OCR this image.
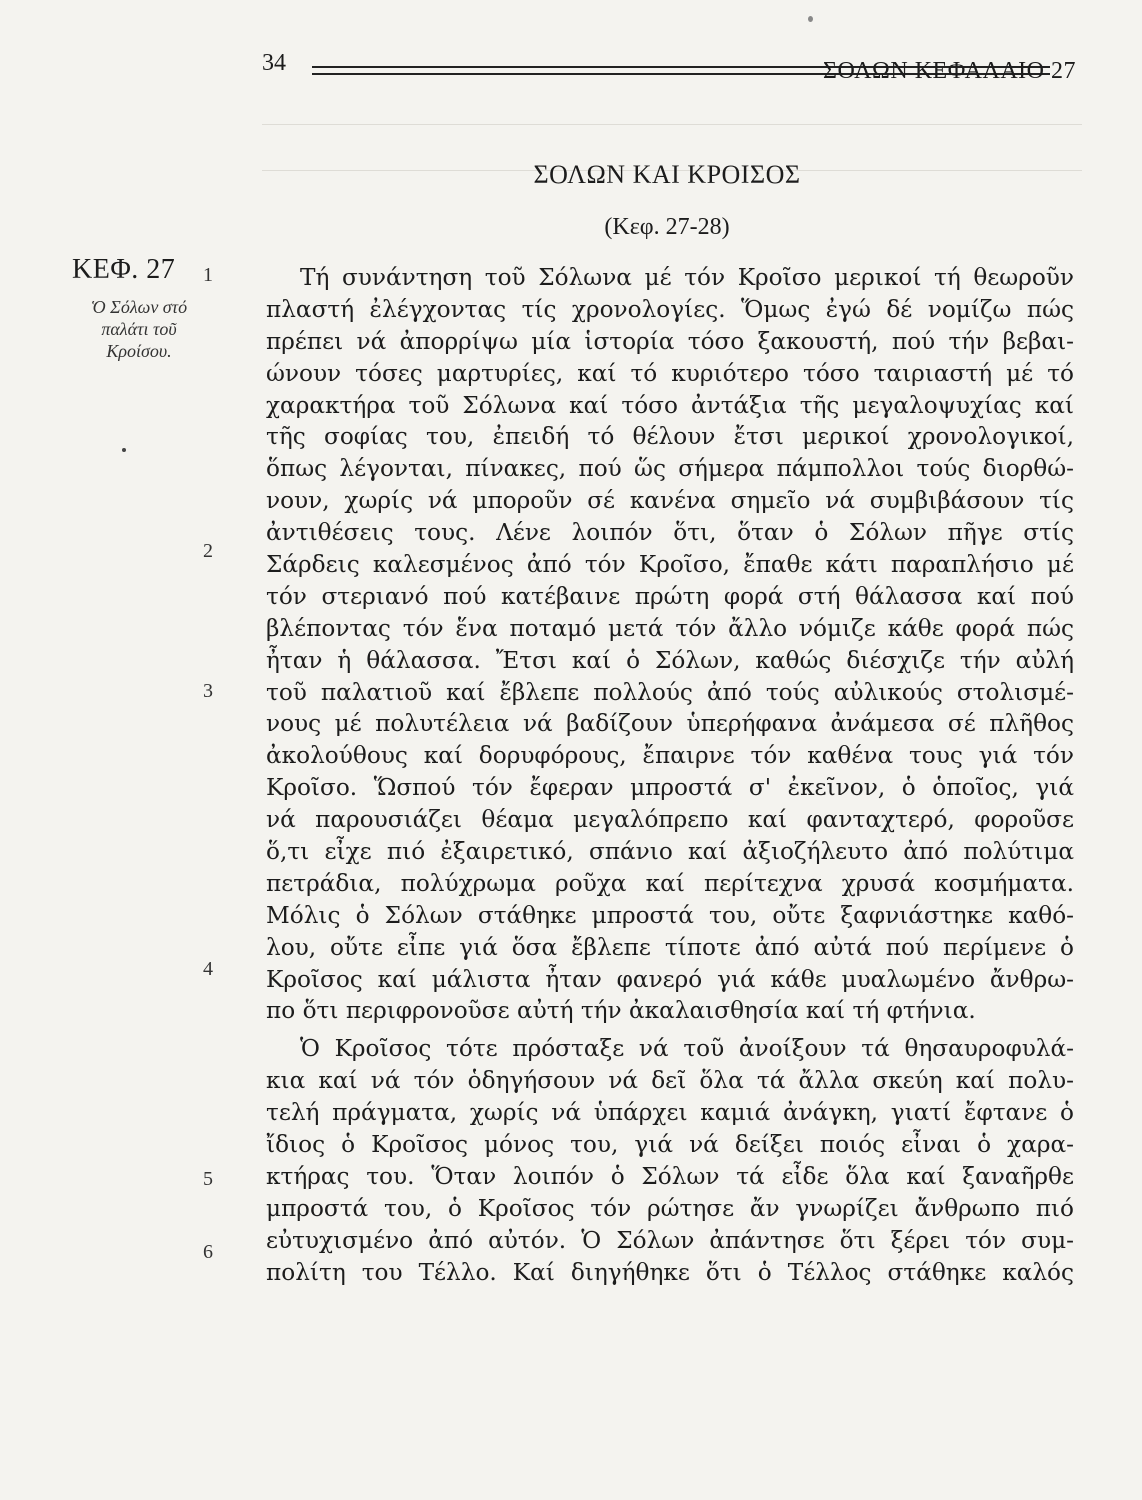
34	ΣΟΛΩΝ ΚΕΦΑΛΑΙΟ 27
ΣΟΛΩΝ ΚΑΙ ΚΡΟΙΣΟΣ
(Κεφ. 27-28)
ΚΕΦ. 27
Ὁ Σόλων στό
παλάτι τοῦ
Κροίσου.
1
2
3
4
5
6
Τή συνάντηση τοῦ Σόλωνα μέ τόν Κροῖσο μερικοί τή θεωροῦν
πλαστή ἐλέγχοντας τίς χρονολογίες. Ὅμως ἐγώ δέ νομίζω πώς
πρέπει νά ἀπορρίψω μία ἱστορία τόσο ξακουστή, πού τήν βεβαι-
ώνουν τόσες μαρτυρίες, καί τό κυριότερο τόσο ταιριαστή μέ τό
χαρακτήρα τοῦ Σόλωνα καί τόσο ἀντάξια τῆς μεγαλοψυχίας καί
τῆς σοφίας του, ἐπειδή τό θέλουν ἔτσι μερικοί χρονολογικοί,
ὅπως λέγονται, πίνακες, πού ὥς σήμερα πάμπολλοι τούς διορθώ-
νουν, χωρίς νά μποροῦν σέ κανένα σημεῖο νά συμβιβάσουν τίς
ἀντιθέσεις τους. Λένε λοιπόν ὅτι, ὅταν ὁ Σόλων πῆγε στίς
Σάρδεις καλεσμένος ἀπό τόν Κροῖσο, ἔπαθε κάτι παραπλήσιο μέ
τόν στεριανό πού κατέβαινε πρώτη φορά στή θάλασσα καί πού
βλέποντας τόν ἕνα ποταμό μετά τόν ἄλλο νόμιζε κάθε φορά πώς
ἦταν ἡ θάλασσα. Ἔτσι καί ὁ Σόλων, καθώς διέσχιζε τήν αὐλή
τοῦ παλατιοῦ καί ἔβλεπε πολλούς ἀπό τούς αὐλικούς στολισμέ-
νους μέ πολυτέλεια νά βαδίζουν ὑπερήφανα ἀνάμεσα σέ πλῆθος
ἀκολούθους καί δορυφόρους, ἔπαιρνε τόν καθένα τους γιά τόν
Κροῖσο. Ὥσπού τόν ἔφεραν μπροστά σ' ἐκεῖνον, ὁ ὁποῖος, γιά
νά παρουσιάζει θέαμα μεγαλόπρεπο καί φανταχτερό, φοροῦσε
ὅ,τι εἶχε πιό ἐξαιρετικό, σπάνιο καί ἀξιοζήλευτο ἀπό πολύτιμα
πετράδια, πολύχρωμα ροῦχα καί περίτεχνα χρυσά κοσμήματα.
Μόλις ὁ Σόλων στάθηκε μπροστά του, οὔτε ξαφνιάστηκε καθό-
λου, οὔτε εἶπε γιά ὅσα ἔβλεπε τίποτε ἀπό αὐτά πού περίμενε ὁ
Κροῖσος καί μάλιστα ἦταν φανερό γιά κάθε μυαλωμένο ἄνθρω-
πο ὅτι περιφρονοῦσε αὐτή τήν ἀκαλαισθησία καί τή φτήνια.
Ὁ Κροῖσος τότε πρόσταξε νά τοῦ ἀνοίξουν τά θησαυροφυλά-
κια καί νά τόν ὁδηγήσουν νά δεῖ ὅλα τά ἄλλα σκεύη καί πολυ-
τελή πράγματα, χωρίς νά ὑπάρχει καμιά ἀνάγκη, γιατί ἔφτανε ὁ
ἴδιος ὁ Κροῖσος μόνος του, γιά νά δείξει ποιός εἶναι ὁ χαρα-
κτήρας του. Ὅταν λοιπόν ὁ Σόλων τά εἶδε ὅλα καί ξαναῆρθε
μπροστά του, ὁ Κροῖσος τόν ρώτησε ἄν γνωρίζει ἄνθρωπο πιό
εὐτυχισμένο ἀπό αὐτόν. Ὁ Σόλων ἀπάντησε ὅτι ξέρει τόν συμ-
πολίτη του Τέλλο. Καί διηγήθηκε ὅτι ὁ Τέλλος στάθηκε καλός
